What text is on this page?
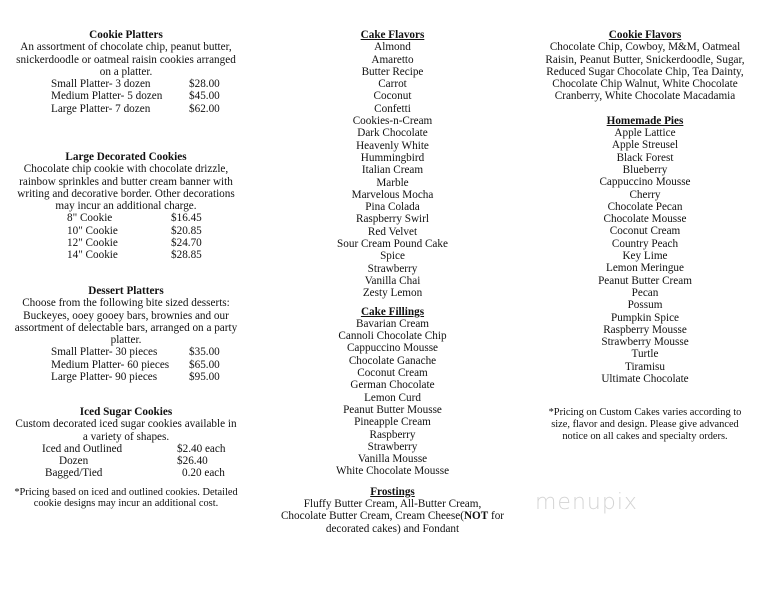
Cookie Platters
An assortment of chocolate chip, peanut butter,
snickerdoodle or oatmeal raisin cookies arranged
on a platter.
Small Platter- 3 dozen	$28.00
Medium Platter- 5 dozen $45.00
Large Platter- 7 dozen	$62.00
Large Decorated Cookies
Chocolate chip cookie with chocolate drizzle,
rainbow sprinkles and butter cream banner with
writing and decorative border. Other decorations
may incur an additional charge.
8" Cookie	$16.45
10" Cookie	$20.85
12" Cookie	$24.70
14" Cookie	$28.85
Dessert Platters
Choose from the following bite sized desserts:
Buckeyes, ooey gooey bars, brownies and our
assortment of delectable bars, arranged on a party
platter.
Small Platter- 30 pieces	$35.00
Medium Platter- 60 pieces $65.00
Large Platter- 90 pieces	$95.00
Iced Sugar Cookies
Custom decorated iced sugar cookies available in
a variety of shapes.
Iced and Outlined	$2.40 each
Dozen	$26.40
Bagged/Tied	0.20 each
*Pricing based on iced and outlined cookies. Detailed
cookie designs may incur an additional cost.
Cake Flavors
Almond
Amaretto
Butter Recipe
Carrot
Coconut
Confetti
Cookies-n-Cream
Dark Chocolate
Heavenly White
Hummingbird
Italian Cream
Marble
Marvelous Mocha
Pina Colada
Raspberry Swirl
Red Velvet
Sour Cream Pound Cake
Spice
Strawberry
Vanilla Chai
Zesty Lemon
Cake Fillings
Bavarian Cream
Cannoli Chocolate Chip
Cappuccino Mousse
Chocolate Ganache
Coconut Cream
German Chocolate
Lemon Curd
Peanut Butter Mousse
Pineapple Cream
Raspberry
Strawberry
Vanilla Mousse
White Chocolate Mousse
Frostings
Fluffy Butter Cream, All-Butter Cream,
Chocolate Butter Cream, Cream Cheese(NOT for
decorated cakes) and Fondant
Cookie Flavors
Chocolate Chip, Cowboy, M&M, Oatmeal
Raisin, Peanut Butter, Snickerdoodle, Sugar,
Reduced Sugar Chocolate Chip, Tea Dainty,
Chocolate Chip Walnut, White Chocolate
Cranberry, White Chocolate Macadamia
Homemade Pies
Apple Lattice
Apple Streusel
Black Forest
Blueberry
Cappuccino Mousse
Cherry
Chocolate Pecan
Chocolate Mousse
Coconut Cream
Country Peach
Key Lime
Lemon Meringue
Peanut Butter Cream
Pecan
Possum
Pumpkin Spice
Raspberry Mousse
Strawberry Mousse
Turtle
Tiramisu
Ultimate Chocolate
*Pricing on Custom Cakes varies according to
size, flavor and design. Please give advanced
notice on all cakes and specialty orders.
menupix
